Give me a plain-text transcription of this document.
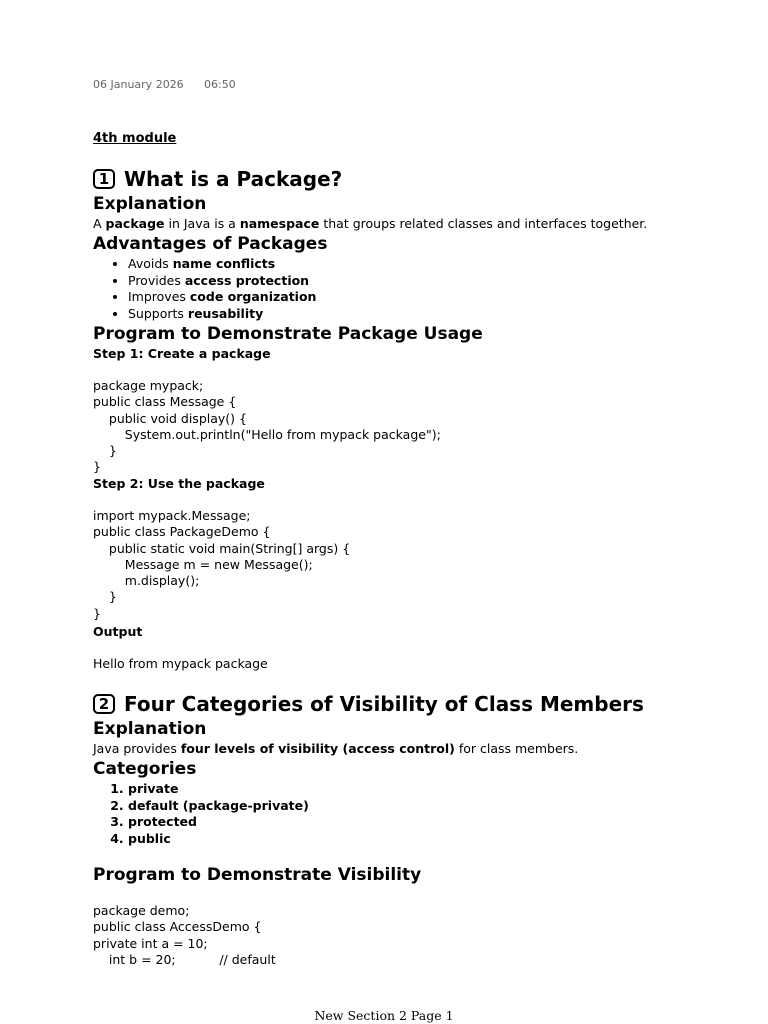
06 January 2026 06:50
4th module
1 What is a Package?
Explanation
A package in Java is a namespace that groups related classes and interfaces together.
Advantages of Packages
• Avoids name conflicts
• Provides access protection
• Improves code organization
• Supports reusability
Program to Demonstrate Package Usage
Step 1: Create a package
package mypack;
public class Message {
public void display() {
System.out.println("Hello from mypack package");
}
}
Step 2: Use the package
import mypack.Message;
public class PackageDemo {
public static void main(String[] args) {
Message m = new Message();
m.display();
}
}
Output
Hello from mypack package
2 Four Categories of Visibility of Class Members
Explanation
Java provides four levels of visibility (access control) for class members.
Categories
1. private
2. default (package-private)
3. protected
4. public
Program to Demonstrate Visibility
package demo;
public class AccessDemo {
private int a = 10;
int b = 20;           // default
New Section 2 Page 1
